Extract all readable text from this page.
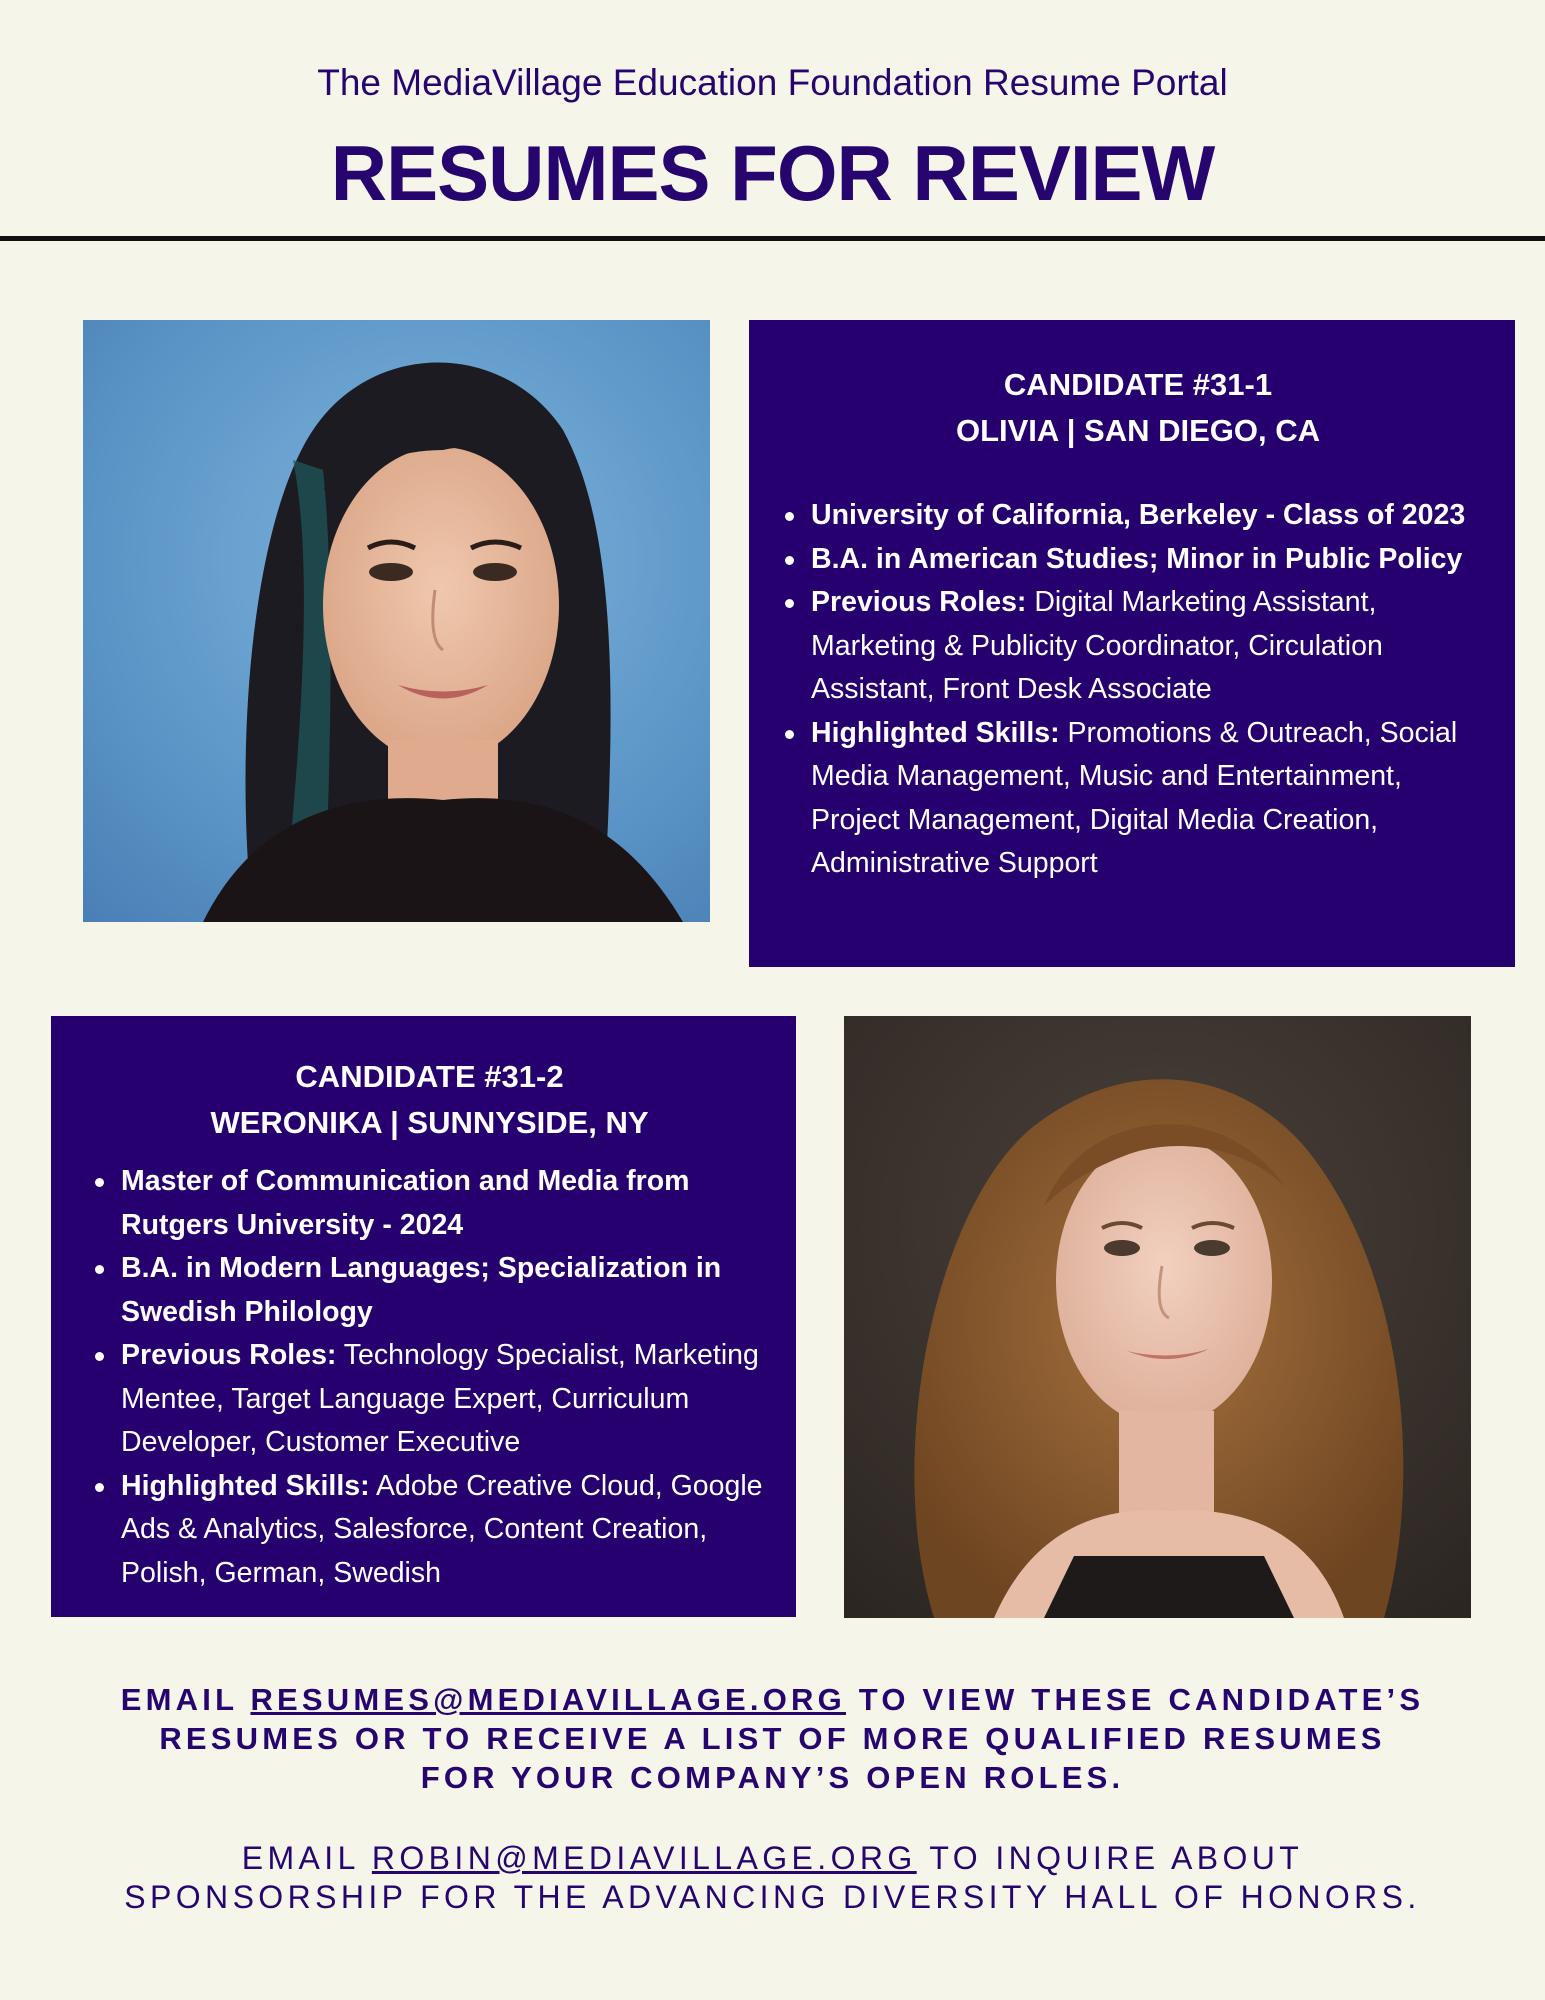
The MediaVillage Education Foundation Resume Portal
RESUMES FOR REVIEW
CANDIDATE #31-1
OLIVIA | SAN DIEGO, CA
University of California, Berkeley - Class of 2023
B.A. in American Studies; Minor in Public Policy
Previous Roles: Digital Marketing Assistant, Marketing & Publicity Coordinator, Circulation Assistant, Front Desk Associate
Highlighted Skills: Promotions & Outreach, Social Media Management, Music and Entertainment, Project Management, Digital Media Creation, Administrative Support
CANDIDATE #31-2
WERONIKA | SUNNYSIDE, NY
Master of Communication and Media from Rutgers University - 2024
B.A. in Modern Languages; Specialization in Swedish Philology
Previous Roles: Technology Specialist, Marketing Mentee, Target Language Expert, Curriculum Developer, Customer Executive
Highlighted Skills: Adobe Creative Cloud, Google Ads & Analytics, Salesforce, Content Creation, Polish, German, Swedish
EMAIL RESUMES@MEDIAVILLAGE.ORG TO VIEW THESE CANDIDATE’S
RESUMES OR TO RECEIVE A LIST OF MORE QUALIFIED RESUMES
FOR YOUR COMPANY’S OPEN ROLES.
EMAIL ROBIN@MEDIAVILLAGE.ORG TO INQUIRE ABOUT
SPONSORSHIP FOR THE ADVANCING DIVERSITY HALL OF HONORS.
